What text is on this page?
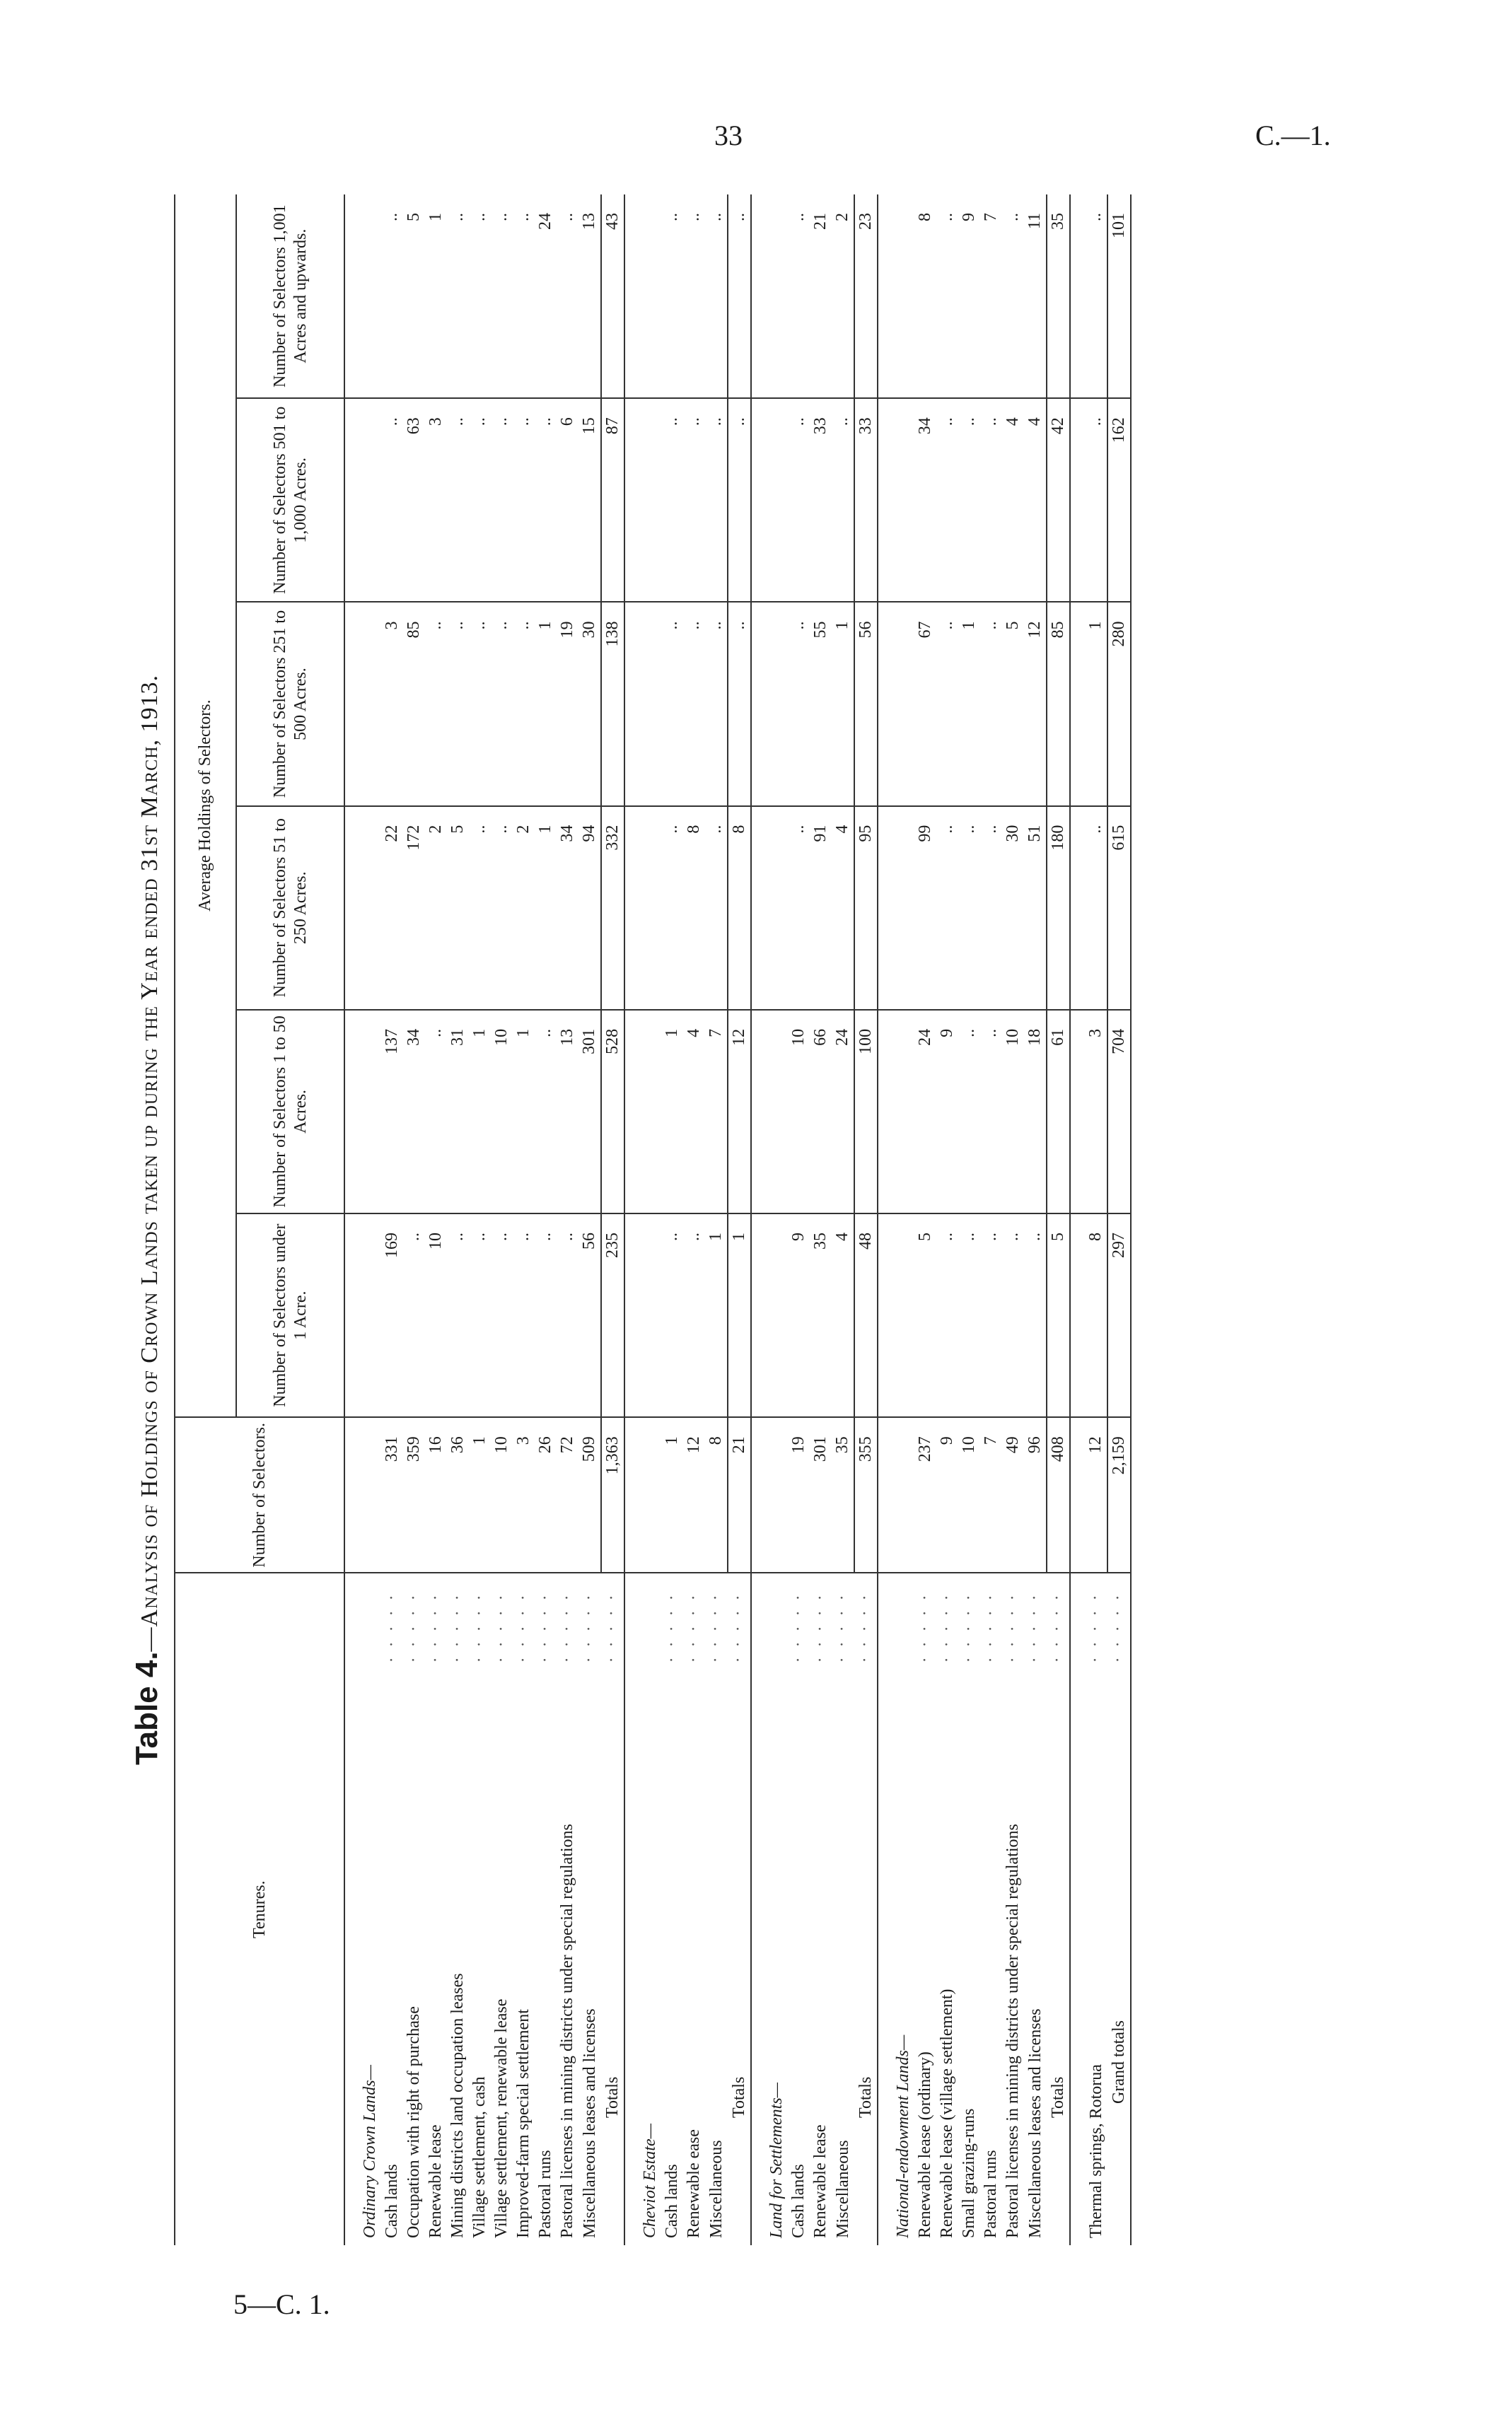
33	C.—1.
5—C. 1.
Table 4.—Analysis of Holdings of Crown Lands taken up during the Year ended 31st March, 1913.
Tenures.	Number of Selectors.	Average Holdings of Selectors.					
		Number of Selectors under 1 Acre.	Number of Selectors 1 to 50 Acres.	Number of Selectors 51 to 250 Acres.	Number of Selectors 251 to 500 Acres.	Number of Selectors 501 to 1,000 Acres.	Number of Selectors 1,001 Acres and upwards.

Ordinary Crown Lands—							
Cash lands
·····	331	169	137	22	3	..	..
Occupation with right of purchase
·····	359	..	34	172	85	63	5
Renewable lease
·····	16	10	..	2	..	3	1
Mining districts land occupation leases
·····	36	..	31	5	..	..	..
Village settlement, cash
·····	1	..	1	..	..	..	..
Village settlement, renewable lease
·····	10	..	10	..	..	..	..
Improved-farm special settlement
·····	3	..	1	2	..	..	..
Pastoral runs
·····	26	..	..	1	1	..	24
Pastoral licenses in mining districts under special regulations
·····	72	..	13	34	19	6	..
Miscellaneous leases and licenses
·····	509	56	301	94	30	15	13
Totals
·····	1,363	235	528	332	138	87	43

Cheviot Estate—							
Cash lands
·····	1	..	1	..	..	..	..
Renewable ease
·····	12	..	4	8	..	..	..
Miscellaneous
·····	8	1	7	..	..	..	..
Totals
·····	21	1	12	8	..	..	..

Land for Settlements—							
Cash lands
·····	19	9	10	..	..	..	..
Renewable lease
·····	301	35	66	91	55	33	21
Miscellaneous
·····	35	4	24	4	1	..	2
Totals
·····	355	48	100	95	56	33	23

National-endowment Lands—							
Renewable lease (ordinary)
·····	237	5	24	99	67	34	8
Renewable lease (village settlement)
·····	9	..	9	..	..	..	..
Small grazing-runs
·····	10	..	..	..	1	..	9
Pastoral runs
·····	7	..	..	..	..	..	7
Pastoral licenses in mining districts under special regulations
·····	49	..	10	30	5	4	..
Miscellaneous leases and licenses
·····	96	..	18	51	12	4	11
Totals
·····	408	5	61	180	85	42	35

Thermal springs, Rotorua
·····	12	8	3	..	1	..	..
Grand totals
·····	2,159	297	704	615	280	162	101
